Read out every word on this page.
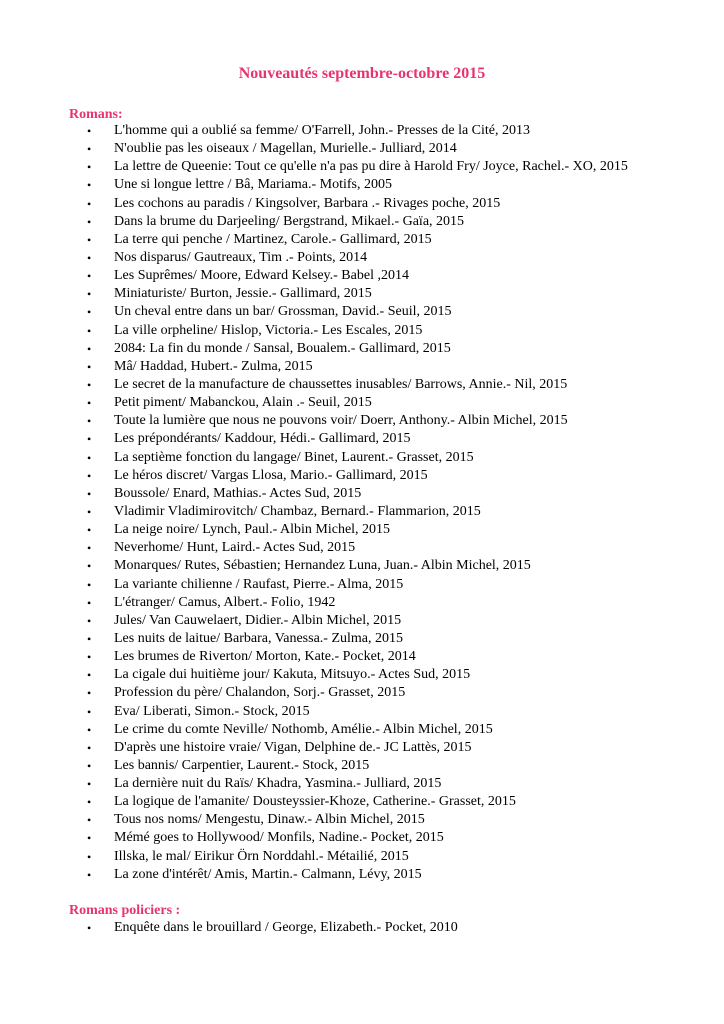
Nouveautés septembre-octobre 2015
Romans:
• L'homme qui a oublié sa femme/ O'Farrell, John.- Presses de la Cité, 2013
• N'oublie pas les oiseaux / Magellan, Murielle.- Julliard, 2014
• La lettre de Queenie: Tout ce qu'elle n'a pas pu dire à Harold Fry/ Joyce, Rachel.- XO, 2015
• Une si longue lettre / Bâ, Mariama.- Motifs, 2005
• Les cochons au paradis / Kingsolver, Barbara .- Rivages poche, 2015
• Dans la brume du Darjeeling/ Bergstrand, Mikael.- Gaïa, 2015
• La terre qui penche / Martinez, Carole.- Gallimard, 2015
• Nos disparus/ Gautreaux, Tim .- Points, 2014
• Les Suprêmes/ Moore, Edward Kelsey.- Babel ,2014
• Miniaturiste/ Burton, Jessie.- Gallimard, 2015
• Un cheval entre dans un bar/ Grossman, David.- Seuil, 2015
• La ville orpheline/ Hislop, Victoria.- Les Escales, 2015
• 2084: La fin du monde / Sansal, Boualem.- Gallimard, 2015
• Mâ/ Haddad, Hubert.- Zulma, 2015
• Le secret de la manufacture de chaussettes inusables/ Barrows, Annie.- Nil, 2015
• Petit piment/ Mabanckou, Alain .- Seuil, 2015
• Toute la lumière que nous ne pouvons voir/ Doerr, Anthony.- Albin Michel, 2015
• Les prépondérants/ Kaddour, Hédi.- Gallimard, 2015
• La septième fonction du langage/ Binet, Laurent.- Grasset, 2015
• Le héros discret/ Vargas Llosa, Mario.- Gallimard, 2015
• Boussole/ Enard, Mathias.- Actes Sud, 2015
• Vladimir Vladimirovitch/ Chambaz, Bernard.- Flammarion, 2015
• La neige noire/ Lynch, Paul.- Albin Michel, 2015
• Neverhome/ Hunt, Laird.- Actes Sud, 2015
• Monarques/ Rutes, Sébastien; Hernandez Luna, Juan.- Albin Michel, 2015
• La variante chilienne / Raufast, Pierre.- Alma, 2015
• L'étranger/ Camus, Albert.- Folio, 1942
• Jules/ Van Cauwelaert, Didier.- Albin Michel, 2015
• Les nuits de laitue/ Barbara, Vanessa.- Zulma, 2015
• Les brumes de Riverton/ Morton, Kate.- Pocket, 2014
• La cigale dui huitième jour/ Kakuta, Mitsuyo.- Actes Sud, 2015
• Profession du père/ Chalandon, Sorj.- Grasset, 2015
• Eva/ Liberati, Simon.- Stock, 2015
• Le crime du comte Neville/ Nothomb, Amélie.- Albin Michel, 2015
• D'après une histoire vraie/ Vigan, Delphine de.- JC Lattès, 2015
• Les bannis/ Carpentier, Laurent.- Stock, 2015
• La dernière nuit du Raïs/ Khadra, Yasmina.- Julliard, 2015
• La logique de l'amanite/ Dousteyssier-Khoze, Catherine.- Grasset, 2015
• Tous nos noms/ Mengestu, Dinaw.- Albin Michel, 2015
• Mémé goes to Hollywood/ Monfils, Nadine.- Pocket, 2015
• Illska, le mal/ Eirikur Örn Norddahl.- Métailié, 2015
• La zone d'intérêt/ Amis, Martin.- Calmann, Lévy, 2015
Romans policiers :
• Enquête dans le brouillard / George, Elizabeth.- Pocket, 2010
